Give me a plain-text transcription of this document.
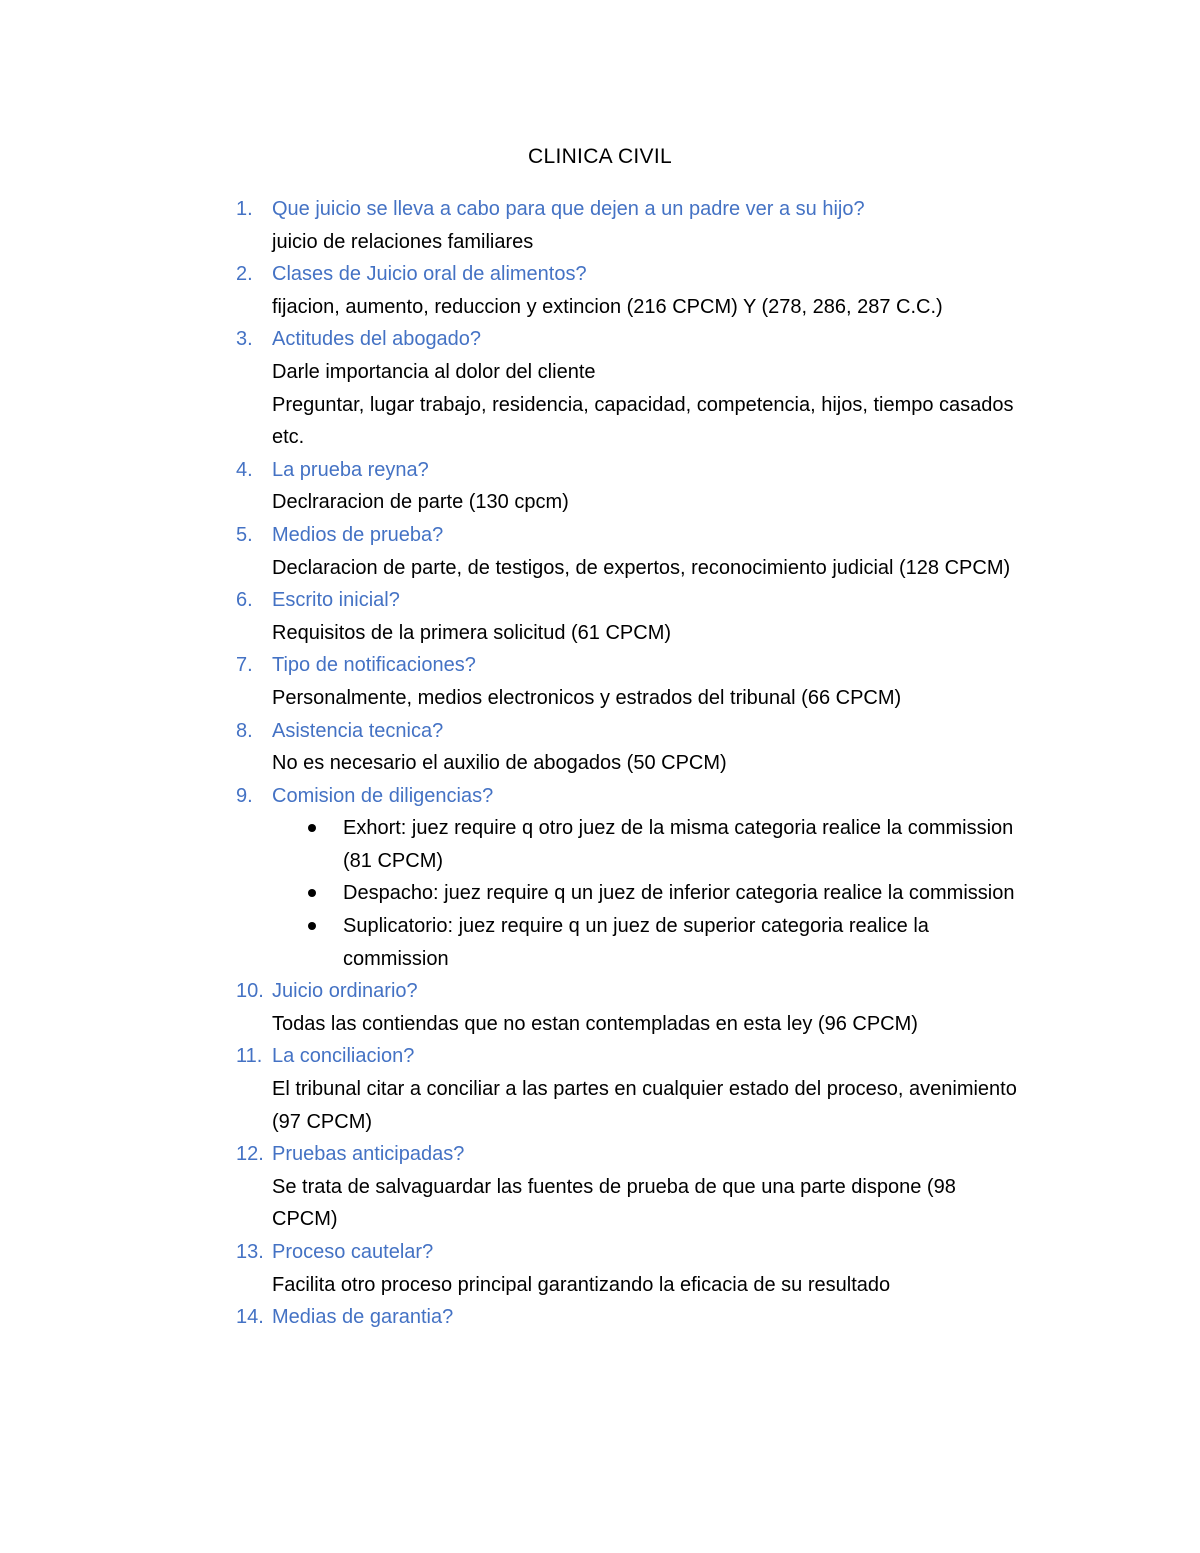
CLINICA CIVIL
1. Que juicio se lleva a cabo para que dejen a un padre ver a su hijo?
juicio de relaciones familiares
2. Clases de Juicio oral de alimentos?
fijacion, aumento, reduccion y extincion (216 CPCM) Y (278, 286, 287 C.C.)
3. Actitudes del abogado?
Darle importancia al dolor del cliente
Preguntar, lugar trabajo, residencia, capacidad, competencia, hijos, tiempo casados etc.
4. La prueba reyna?
Declraracion de parte (130 cpcm)
5. Medios de prueba?
Declaracion de parte, de testigos, de expertos, reconocimiento judicial (128 CPCM)
6. Escrito inicial?
Requisitos de la primera solicitud (61 CPCM)
7. Tipo de notificaciones?
Personalmente, medios electronicos y estrados del tribunal (66 CPCM)
8. Asistencia tecnica?
No es necesario el auxilio de abogados (50 CPCM)
9. Comision de diligencias?
Exhort: juez require q otro juez de la misma categoria realice la commission (81 CPCM)
Despacho: juez require q un juez de inferior categoria realice la commission
Suplicatorio: juez require q un juez de superior categoria realice la commission
10. Juicio ordinario?
Todas las contiendas que no estan contempladas en esta ley (96 CPCM)
11. La conciliacion?
El tribunal citar a conciliar a las partes en cualquier estado del proceso, avenimiento (97 CPCM)
12. Pruebas anticipadas?
Se trata de salvaguardar las fuentes de prueba de que una parte dispone (98 CPCM)
13. Proceso cautelar?
Facilita otro proceso principal garantizando la eficacia de su resultado
14. Medias de garantia?
